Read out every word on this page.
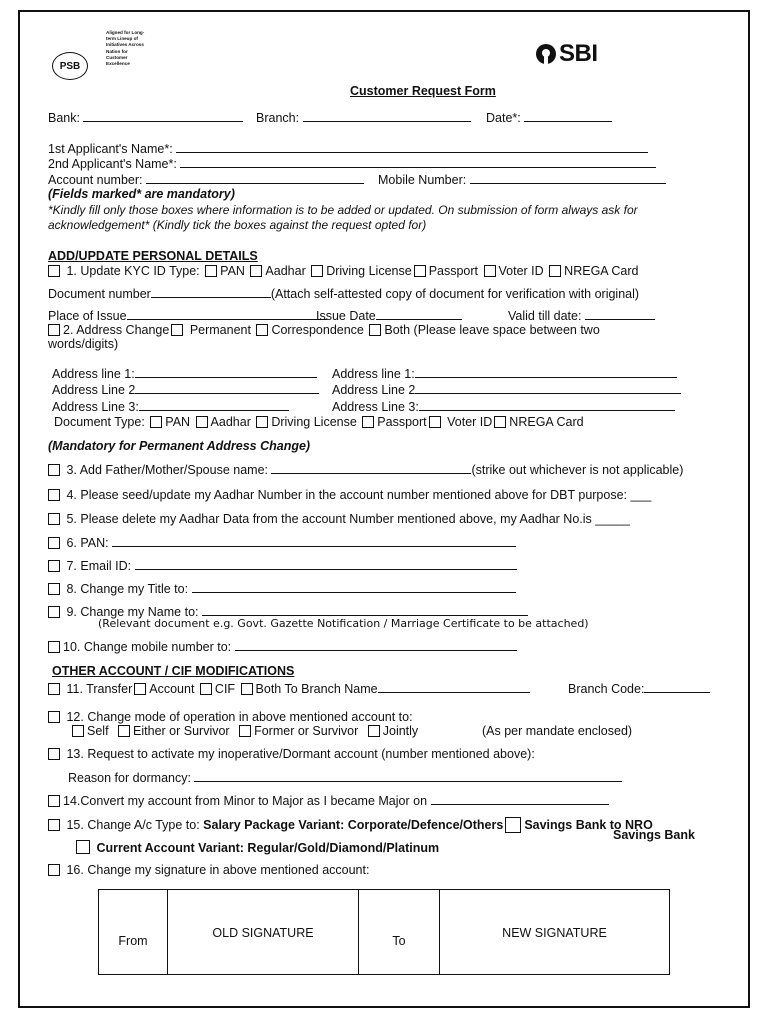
PSB
Aligned for Long-term Lineup of Initiatives Across Nation for Customer Excellence	SBI
Customer Request Form
Bank:	Branch:	Date*:
1st Applicant's Name*:
2nd Applicant's Name*:
Account number:	Mobile Number:
(Fields marked* are mandatory)
*Kindly fill only those boxes where information is to be added or updated. On submission of form always ask for
acknowledgement* (Kindly tick the boxes against the request opted for)
ADD/UPDATE PERSONAL DETAILS
1. Update KYC ID Type: PAN Aadhar Driving License Passport Voter ID NREGA Card
Document number	(Attach self-attested copy of document for verification with original)
Place of Issue	Issue Date	Valid till date:
2. Address Change Permanent Correspondence Both (Please leave space between two
words/digits)
Address line 1:	Address line 1:
Address Line 2	Address Line 2
Address Line 3:	Address Line 3:
Document Type: PAN Aadhar Driving License Passport Voter ID NREGA Card
(Mandatory for Permanent Address Change)
3. Add Father/Mother/Spouse name:	(strike out whichever is not applicable)
4. Please seed/update my Aadhar Number in the account number mentioned above for DBT purpose: ___
5. Please delete my Aadhar Data from the account Number mentioned above, my Aadhar No.is _____
6. PAN:
7. Email ID:
8. Change my Title to:
9. Change my Name to:
(Relevant document e.g. Govt. Gazette Notification / Marriage Certificate to be attached)
10. Change mobile number to:
OTHER ACCOUNT / CIF MODIFICATIONS
11. Transfer Account CIF Both To Branch Name	Branch Code:
12. Change mode of operation in above mentioned account to:
Self Either or Survivor Former or Survivor Jointly	(As per mandate enclosed)
13. Request to activate my inoperative/Dormant account (number mentioned above):
Reason for dormancy:
14.Convert my account from Minor to Major as I became Major on
15. Change A/c Type to: Salary Package Variant: Corporate/Defence/Others Savings Bank to NRO
Savings Bank
Current Account Variant: Regular/Gold/Diamond/Platinum
16. Change my signature in above mentioned account:
From	OLD SIGNATURE	To	NEW SIGNATURE
